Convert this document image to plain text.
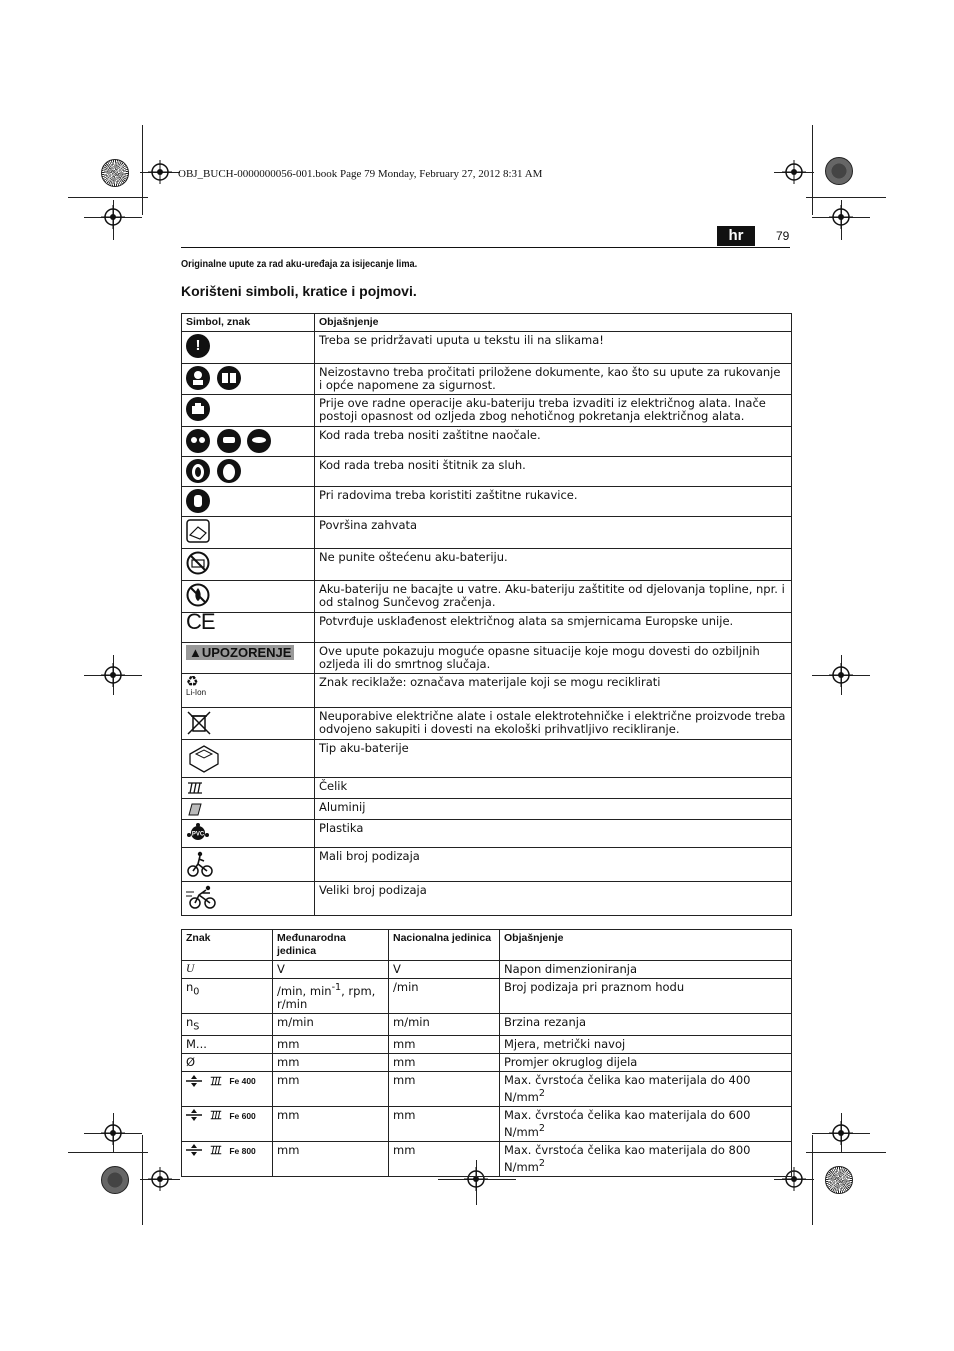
OBJ_BUCH-0000000056-001.book Page 79 Monday, February 27, 2012 8:31 AM
hr	79
Originalne upute za rad aku-uređaja za isijecanje lima.
Korišteni simboli, kratice i pojmovi.
Simbol, znak	Objašnjenje
!	Treba se pridržavati uputa u tekstu ili na slikama!
	Neizostavno treba pročitati priložene dokumente, kao što su upute za rukovanje i opće napomene za sigurnost.
	Prije ove radne operacije aku-bateriju treba izvaditi iz električnog alata. Inače postoji opasnost od ozljeda zbog nehotičnog pokretanja električnog alata.
	Kod rada treba nositi zaštitne naočale.
	Kod rada treba nositi štitnik za sluh.
	Pri radovima treba koristiti zaštitne rukavice.
	Površina zahvata
	Ne punite oštećenu aku-bateriju.
	Aku-bateriju ne bacajte u vatre. Aku-bateriju zaštitite od djelovanja topline, npr. i od stalnog Sunčevog zračenja.
CE	Potvrđuje usklađenost električnog alata sa smjernicama Europske unije.
▲UPOZORENJE	Ove upute pokazuju moguće opasne situacije koje mogu dovesti do ozbiljnih ozljeda ili do smrtnog slučaja.

♻
Li-Ion	Znak reciklaže: označava materijale koji se mogu reciklirati
	Neuporabive električne alate i ostale elektrotehničke i električne proizvode treba odvojeno sakupiti i dovesti na ekološki prihvatljivo recikliranje.
	Tip aku-baterije
	Čelik
	Aluminij

PVC	Plastika
	Mali broj podizaja
	Veliki broj podizaja
Znak	Međunarodna jedinica	Nacionalna jedinica	Objašnjenje
U	V	V	Napon dimenzioniranja
$n_0$	/min, $\min^{-1}$, rpm, r/min	/min	Broj podizaja pri praznom hodu
$n_S$	m/min	m/min	Brzina rezanja
M...	mm	mm	Mjera, metrički navoj
Ø	mm	mm	Promjer okruglog dijela
Fe 400	mm	mm	Max. čvrstoća čelika kao materijala do 400 $N/mm^2$
Fe 600	mm	mm	Max. čvrstoća čelika kao materijala do 600 $N/mm^2$
Fe 800	mm	mm	Max. čvrstoća čelika kao materijala do 800 $N/mm^2$
